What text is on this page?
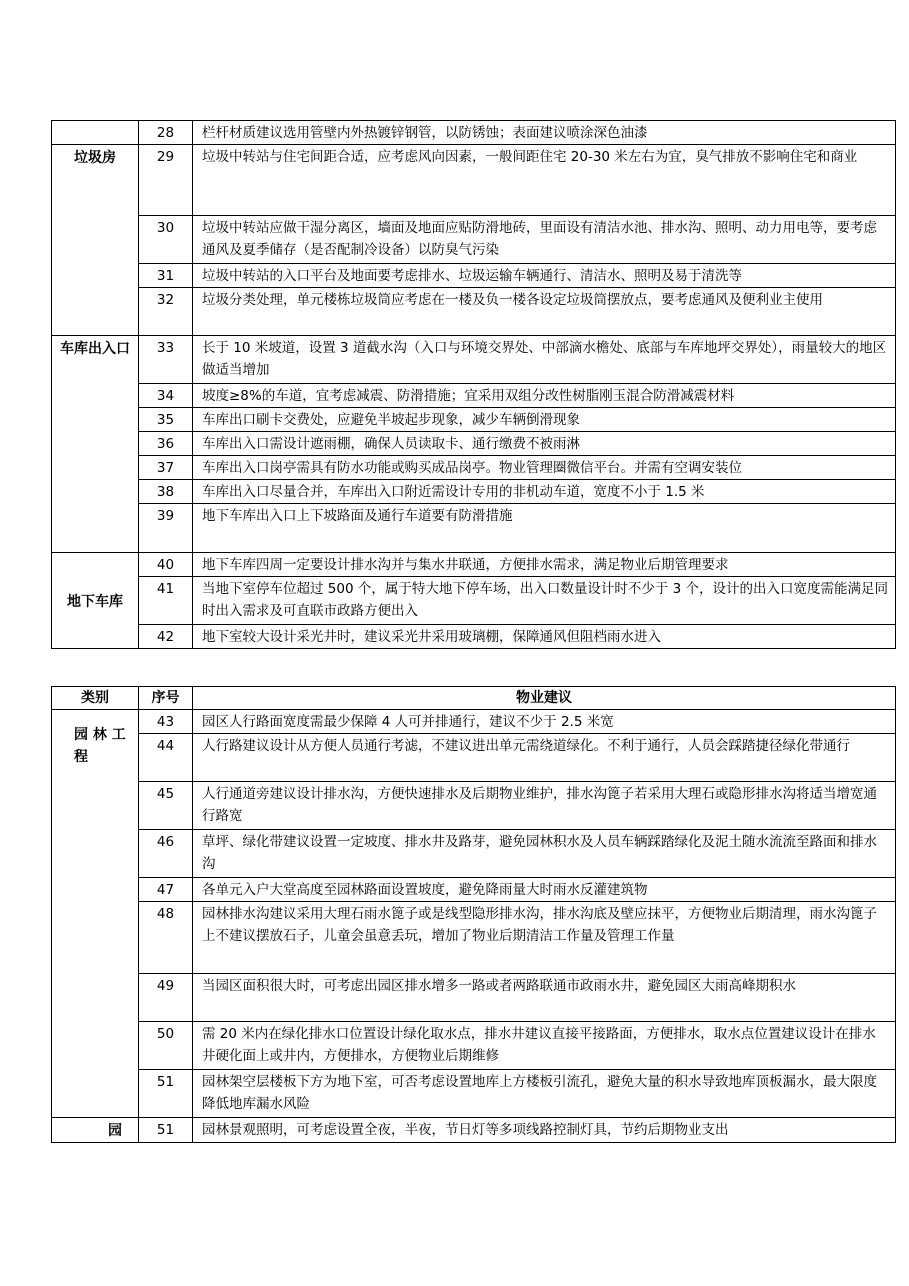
	28	栏杆材质建议选用管壁内外热镀锌钢管，以防锈蚀；表面建议喷涂深色油漆
垃圾房	29	垃圾中转站与住宅间距合适，应考虑风向因素，一般间距住宅 20-30 米左右为宜，臭气排放不影响住宅和商业
	30	垃圾中转站应做干湿分离区，墙面及地面应贴防滑地砖，里面设有清洁水池、排水沟、照明、动力用电等，要考虑通风及夏季储存（是否配制冷设备）以防臭气污染
	31	垃圾中转站的入口平台及地面要考虑排水、垃圾运输车辆通行、清洁水、照明及易于清洗等
	32	垃圾分类处理，单元楼栋垃圾筒应考虑在一楼及负一楼各设定垃圾筒摆放点，要考虑通风及便利业主使用
车库出入口	33	长于 10 米坡道，设置 3 道截水沟（入口与环境交界处、中部滴水檐处、底部与车库地坪交界处），雨量较大的地区做适当增加
	34	坡度≥8%的车道，宜考虑减震、防滑措施；宜采用双组分改性树脂刚玉混合防滑减震材料
	35	车库出口刷卡交费处，应避免半坡起步现象，减少车辆倒滑现象
	36	车库出入口需设计遮雨棚，确保人员读取卡、通行缴费不被雨淋
	37	车库出入口岗亭需具有防水功能或购买成品岗亭。物业管理圈微信平台。并需有空调安装位
	38	车库出入口尽量合并，车库出入口附近需设计专用的非机动车道，宽度不小于 1.5 米
	39	地下车库出入口上下坡路面及通行车道要有防滑措施
地下车库	40	地下车库四周一定要设计排水沟并与集水井联通，方便排水需求，满足物业后期管理要求
	41	当地下室停车位超过 500 个，属于特大地下停车场，出入口数量设计时不少于 3 个，设计的出入口宽度需能满足同时出入需求及可直联市政路方便出入
	42	地下室较大设计采光井时，建议采光井采用玻璃棚，保障通风但阻档雨水进入
类别	序号	物业建议
园 林 工程	43	园区人行路面宽度需最少保障 4 人可并排通行，建议不少于 2.5 米宽
	44	人行路建议设计从方便人员通行考滤，不建议进出单元需绕道绿化。不利于通行，人员会踩踏捷径绿化带通行
	45	人行通道旁建议设计排水沟，方便快速排水及后期物业维护，排水沟篦子若采用大理石或隐形排水沟将适当增宽通行路宽
	46	草坪、绿化带建议设置一定坡度、排水井及路芽，避免园林积水及人员车辆踩踏绿化及泥土随水流流至路面和排水沟
	47	各单元入户大堂高度至园林路面设置坡度，避免降雨量大时雨水反灌建筑物
	48	园林排水沟建议采用大理石雨水篦子或是线型隐形排水沟，排水沟底及壁应抹平，方便物业后期清理，雨水沟篦子上不建议摆放石子，儿童会虽意丢玩，增加了物业后期清洁工作量及管理工作量
	49	当园区面积很大时，可考虑出园区排水增多一路或者两路联通市政雨水井，避免园区大雨高峰期积水
	50	需 20 米内在绿化排水口位置设计绿化取水点，排水井建议直接平接路面，方便排水，取水点位置建议设计在排水井硬化面上或井内，方便排水，方便物业后期维修
	51	园林架空层楼板下方为地下室，可否考虑设置地库上方楼板引流孔，避免大量的积水导致地库顶板漏水，最大限度降低地库漏水风险
园	51	园林景观照明，可考虑设置全夜，半夜，节日灯等多项线路控制灯具，节约后期物业支出
